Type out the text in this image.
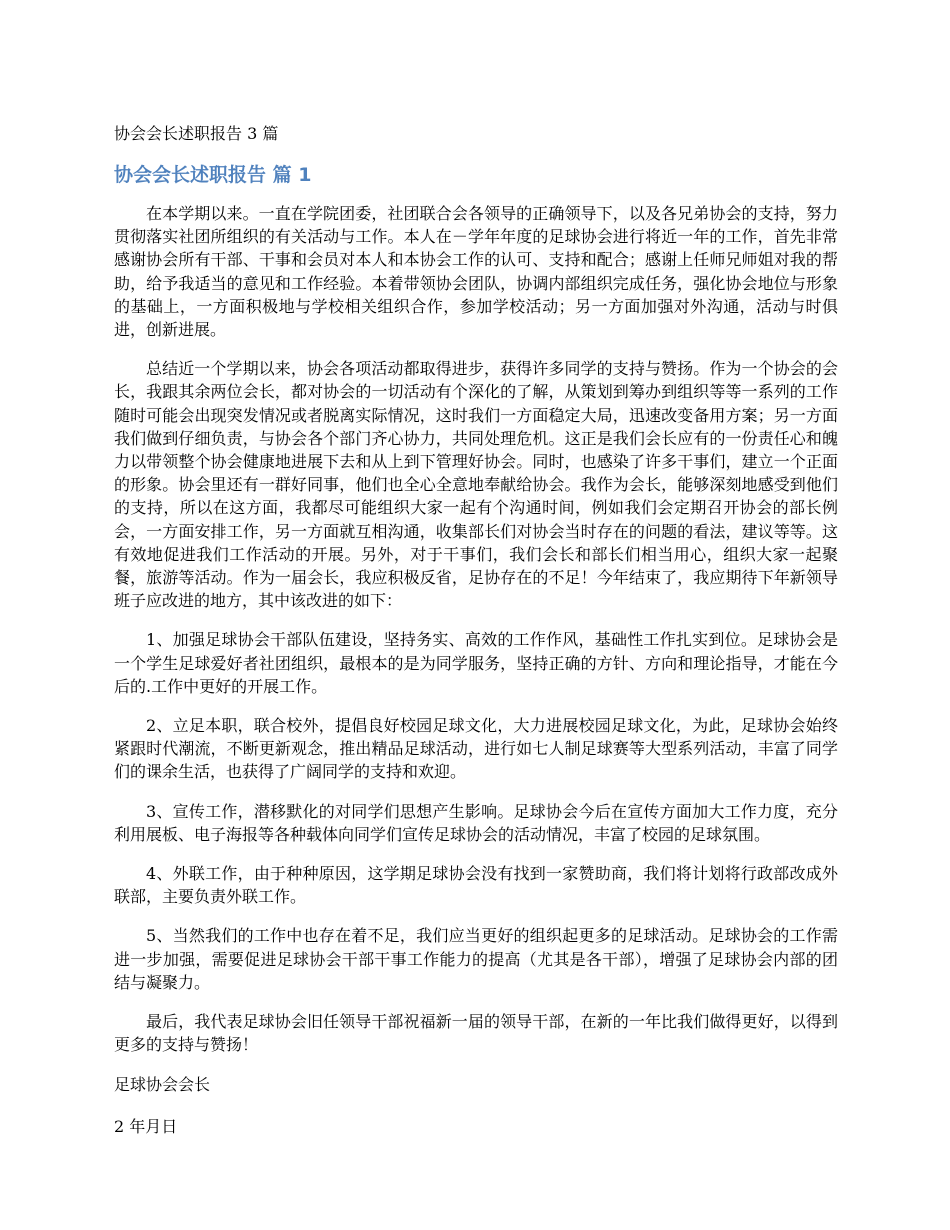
协会会长述职报告 3 篇
协会会长述职报告 篇 1

在本学期以来。一直在学院团委，社团联合会各领导的正确领导下，以及各兄弟协会的支持，努力贯彻落实社团所组织的有关活动与工作。本人在－学年年度的足球协会进行将近一年的工作，首先非常感谢协会所有干部、干事和会员对本人和本协会工作的认可、支持和配合；感谢上任师兄师姐对我的帮助，给予我适当的意见和工作经验。本着带领协会团队，协调内部组织完成任务，强化协会地位与形象的基础上，一方面积极地与学校相关组织合作，参加学校活动；另一方面加强对外沟通，活动与时俱进，创新进展。

总结近一个学期以来，协会各项活动都取得进步，获得许多同学的支持与赞扬。作为一个协会的会长，我跟其余两位会长，都对协会的一切活动有个深化的了解，从策划到筹办到组织等等一系列的工作随时可能会出现突发情况或者脱离实际情况，这时我们一方面稳定大局，迅速改变备用方案；另一方面我们做到仔细负责，与协会各个部门齐心协力，共同处理危机。这正是我们会长应有的一份责任心和魄力以带领整个协会健康地进展下去和从上到下管理好协会。同时，也感染了许多干事们，建立一个正面的形象。协会里还有一群好同事，他们也全心全意地奉献给协会。我作为会长，能够深刻地感受到他们的支持，所以在这方面，我都尽可能组织大家一起有个沟通时间，例如我们会定期召开协会的部长例会，一方面安排工作，另一方面就互相沟通，收集部长们对协会当时存在的问题的看法，建议等等。这有效地促进我们工作活动的开展。另外，对于干事们，我们会长和部长们相当用心，组织大家一起聚餐，旅游等活动。作为一届会长，我应积极反省，足协存在的不足！今年结束了，我应期待下年新领导班子应改进的地方，其中该改进的如下：

1、加强足球协会干部队伍建设，坚持务实、高效的工作作风，基础性工作扎实到位。足球协会是一个学生足球爱好者社团组织，最根本的是为同学服务，坚持正确的方针、方向和理论指导，才能在今后的.工作中更好的开展工作。

2、立足本职，联合校外，提倡良好校园足球文化，大力进展校园足球文化，为此，足球协会始终紧跟时代潮流，不断更新观念，推出精品足球活动，进行如七人制足球赛等大型系列活动，丰富了同学们的课余生活，也获得了广阔同学的支持和欢迎。

3、宣传工作，潜移默化的对同学们思想产生影响。足球协会今后在宣传方面加大工作力度，充分利用展板、电子海报等各种载体向同学们宣传足球协会的活动情况，丰富了校园的足球氛围。

4、外联工作，由于种种原因，这学期足球协会没有找到一家赞助商，我们将计划将行政部改成外联部，主要负责外联工作。

5、当然我们的工作中也存在着不足，我们应当更好的组织起更多的足球活动。足球协会的工作需进一步加强，需要促进足球协会干部干事工作能力的提高（尤其是各干部），增强了足球协会内部的团结与凝聚力。

最后，我代表足球协会旧任领导干部祝福新一届的领导干部，在新的一年比我们做得更好，以得到更多的支持与赞扬！

足球协会会长
2 年月日
